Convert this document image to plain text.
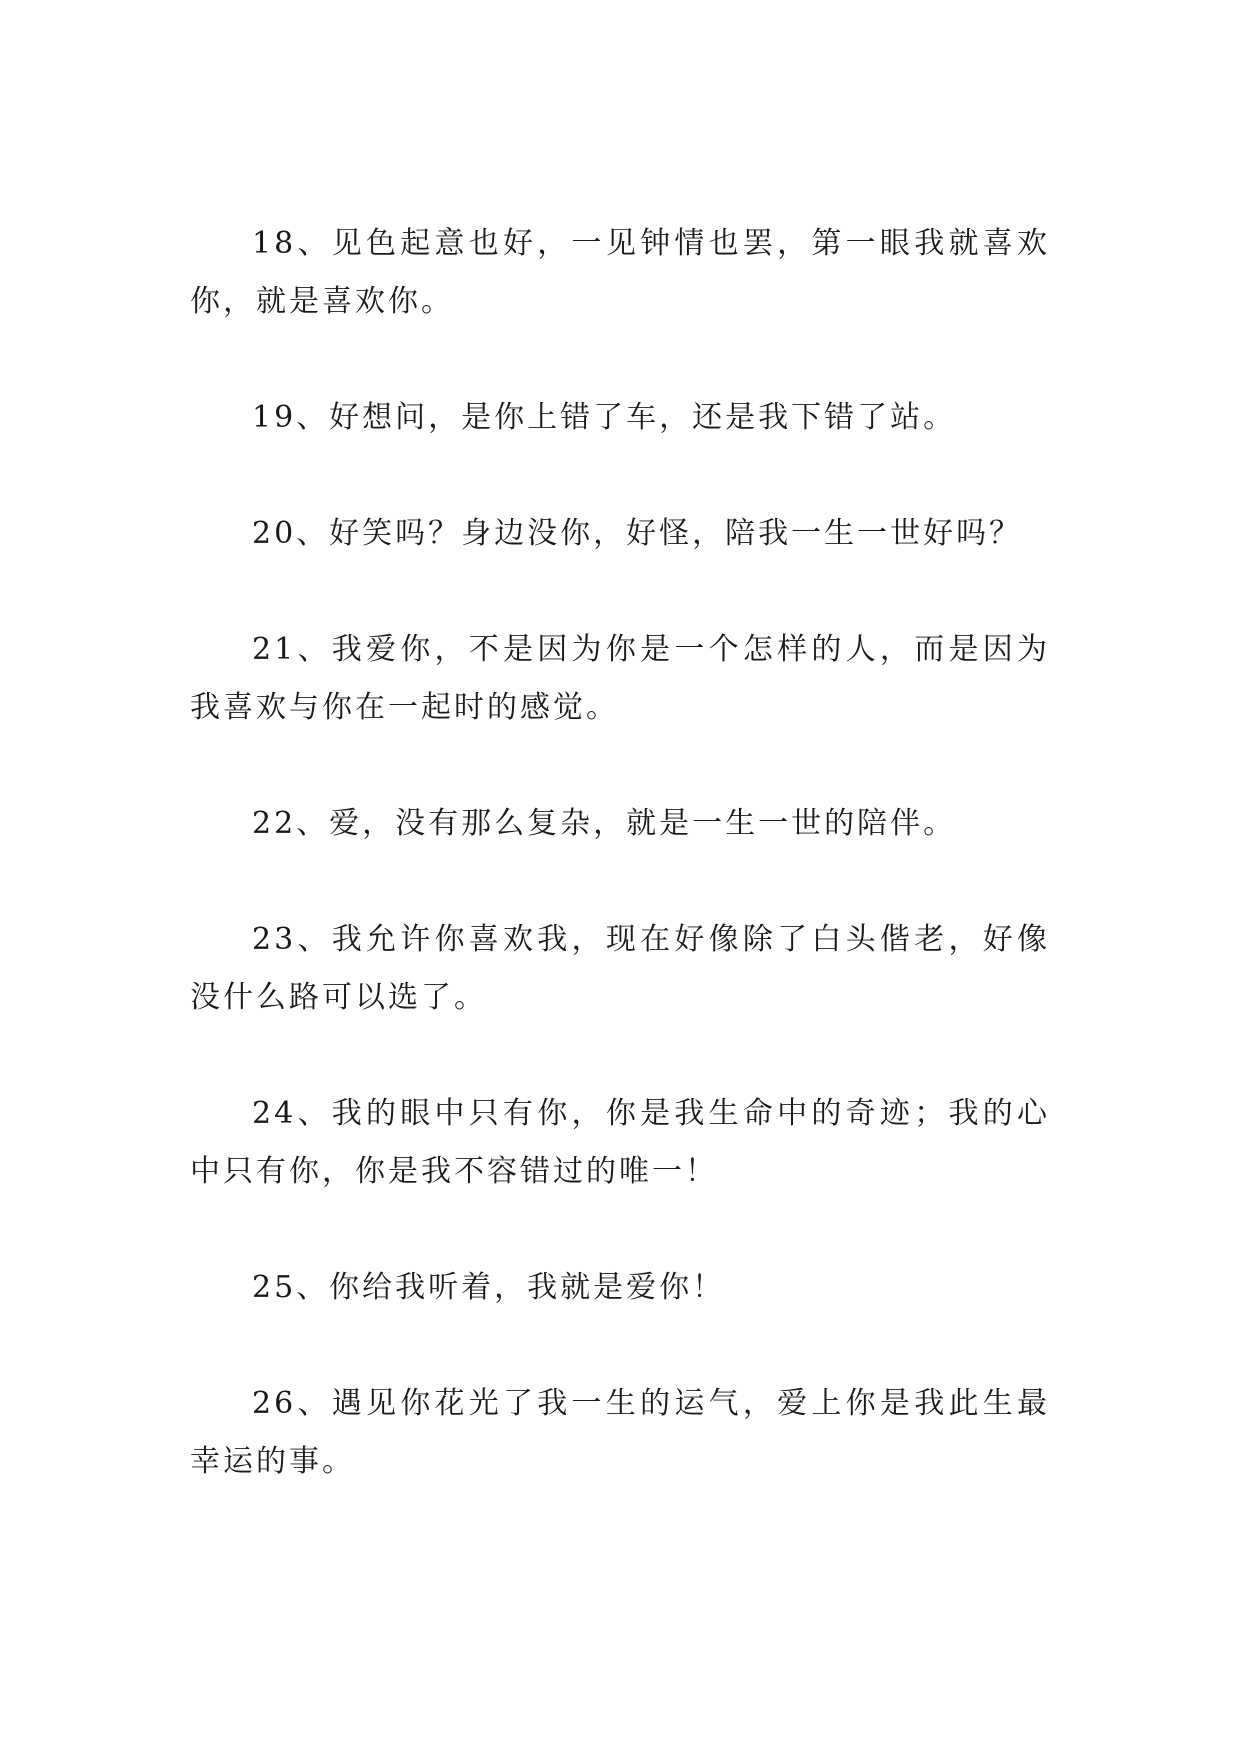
18、见色起意也好，一见钟情也罢，第一眼我就喜欢你，就是喜欢你。

19、好想问，是你上错了车，还是我下错了站。

20、好笑吗？身边没你，好怪，陪我一生一世好吗？

21、我爱你，不是因为你是一个怎样的人，而是因为我喜欢与你在一起时的感觉。

22、爱，没有那么复杂，就是一生一世的陪伴。

23、我允许你喜欢我，现在好像除了白头偕老，好像没什么路可以选了。

24、我的眼中只有你，你是我生命中的奇迹；我的心中只有你，你是我不容错过的唯一！

25、你给我听着，我就是爱你！

26、遇见你花光了我一生的运气，爱上你是我此生最幸运的事。
